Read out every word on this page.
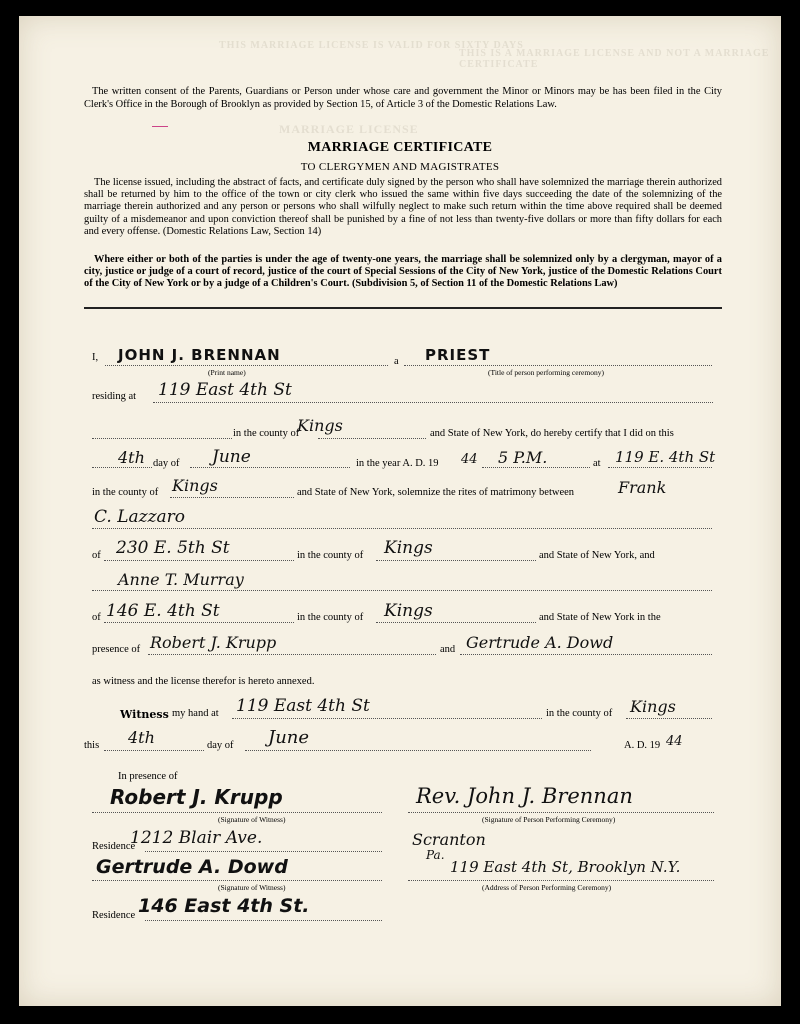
THIS MARRIAGE LICENSE IS VALID FOR SIXTY DAYS
THIS IS A MARRIAGE LICENSE AND NOT A MARRIAGE CERTIFICATE
MARRIAGE LICENSE
The written consent of the Parents, Guardians or Person under whose care and government the Minor or Minors may be has been filed in the City Clerk's Office in the Borough of Brooklyn as provided by Section 15, of Article 3 of the Domestic Relations Law.
MARRIAGE CERTIFICATE
TO CLERGYMEN AND MAGISTRATES
The license issued, including the abstract of facts, and certificate duly signed by the person who shall have solemnized the marriage therein authorized shall be returned by him to the office of the town or city clerk who issued the same within five days succeeding the date of the solemnizing of the marriage therein authorized and any person or persons who shall wilfully neglect to make such return within the time above required shall be deemed guilty of a misdemeanor and upon conviction thereof shall be punished by a fine of not less than twenty-five dollars or more than fifty dollars for each and every offense. (Domestic Relations Law, Section 14)
Where either or both of the parties is under the age of twenty-one years, the marriage shall be solemnized only by a clergyman, mayor of a city, justice or judge of a court of record, justice of the court of Special Sessions of the City of New York, justice of the Domestic Relations Court of the City of New York or by a judge of a Children's Court. (Subdivision 5, of Section 11 of the Domestic Relations Law)
I, JOHN J. BRENNAN
(Print name)
a PRIEST
(Title of person performing ceremony)
residing at 119 East 4th St
in the county of
Kings	and State of New York, do hereby certify that I did on this
4th day of June	in the year A. D. 19 44 5 P.M.	at 119 E. 4th St
in the county of Kings	and State of New York, solemnize the rites of matrimony between	Frank
C. Lazzaro
of 230 E. 5th St	in the county of Kings	and State of New York, and
Anne T. Murray
of 146 E. 4th St	in the county of Kings	and State of New York in the
presence of Robert J. Krupp	and Gertrude A. Dowd
as witness and the license therefor is hereto annexed.
Witness my hand at 119 East 4th St	in the county of Kings
this 4th	day of June	A. D. 19 44
In presence of
Robert J. Krupp
(Signature of Witness)
Rev. John J. Brennan
(Signature of Person Performing Ceremony)
Residence
1212 Blair Ave.	Scranton
Pa.
Gertrude A. Dowd
(Signature of Witness)
119 East 4th St, Brooklyn N.Y.
(Address of Person Performing Ceremony)
Residence 146 East 4th St.
